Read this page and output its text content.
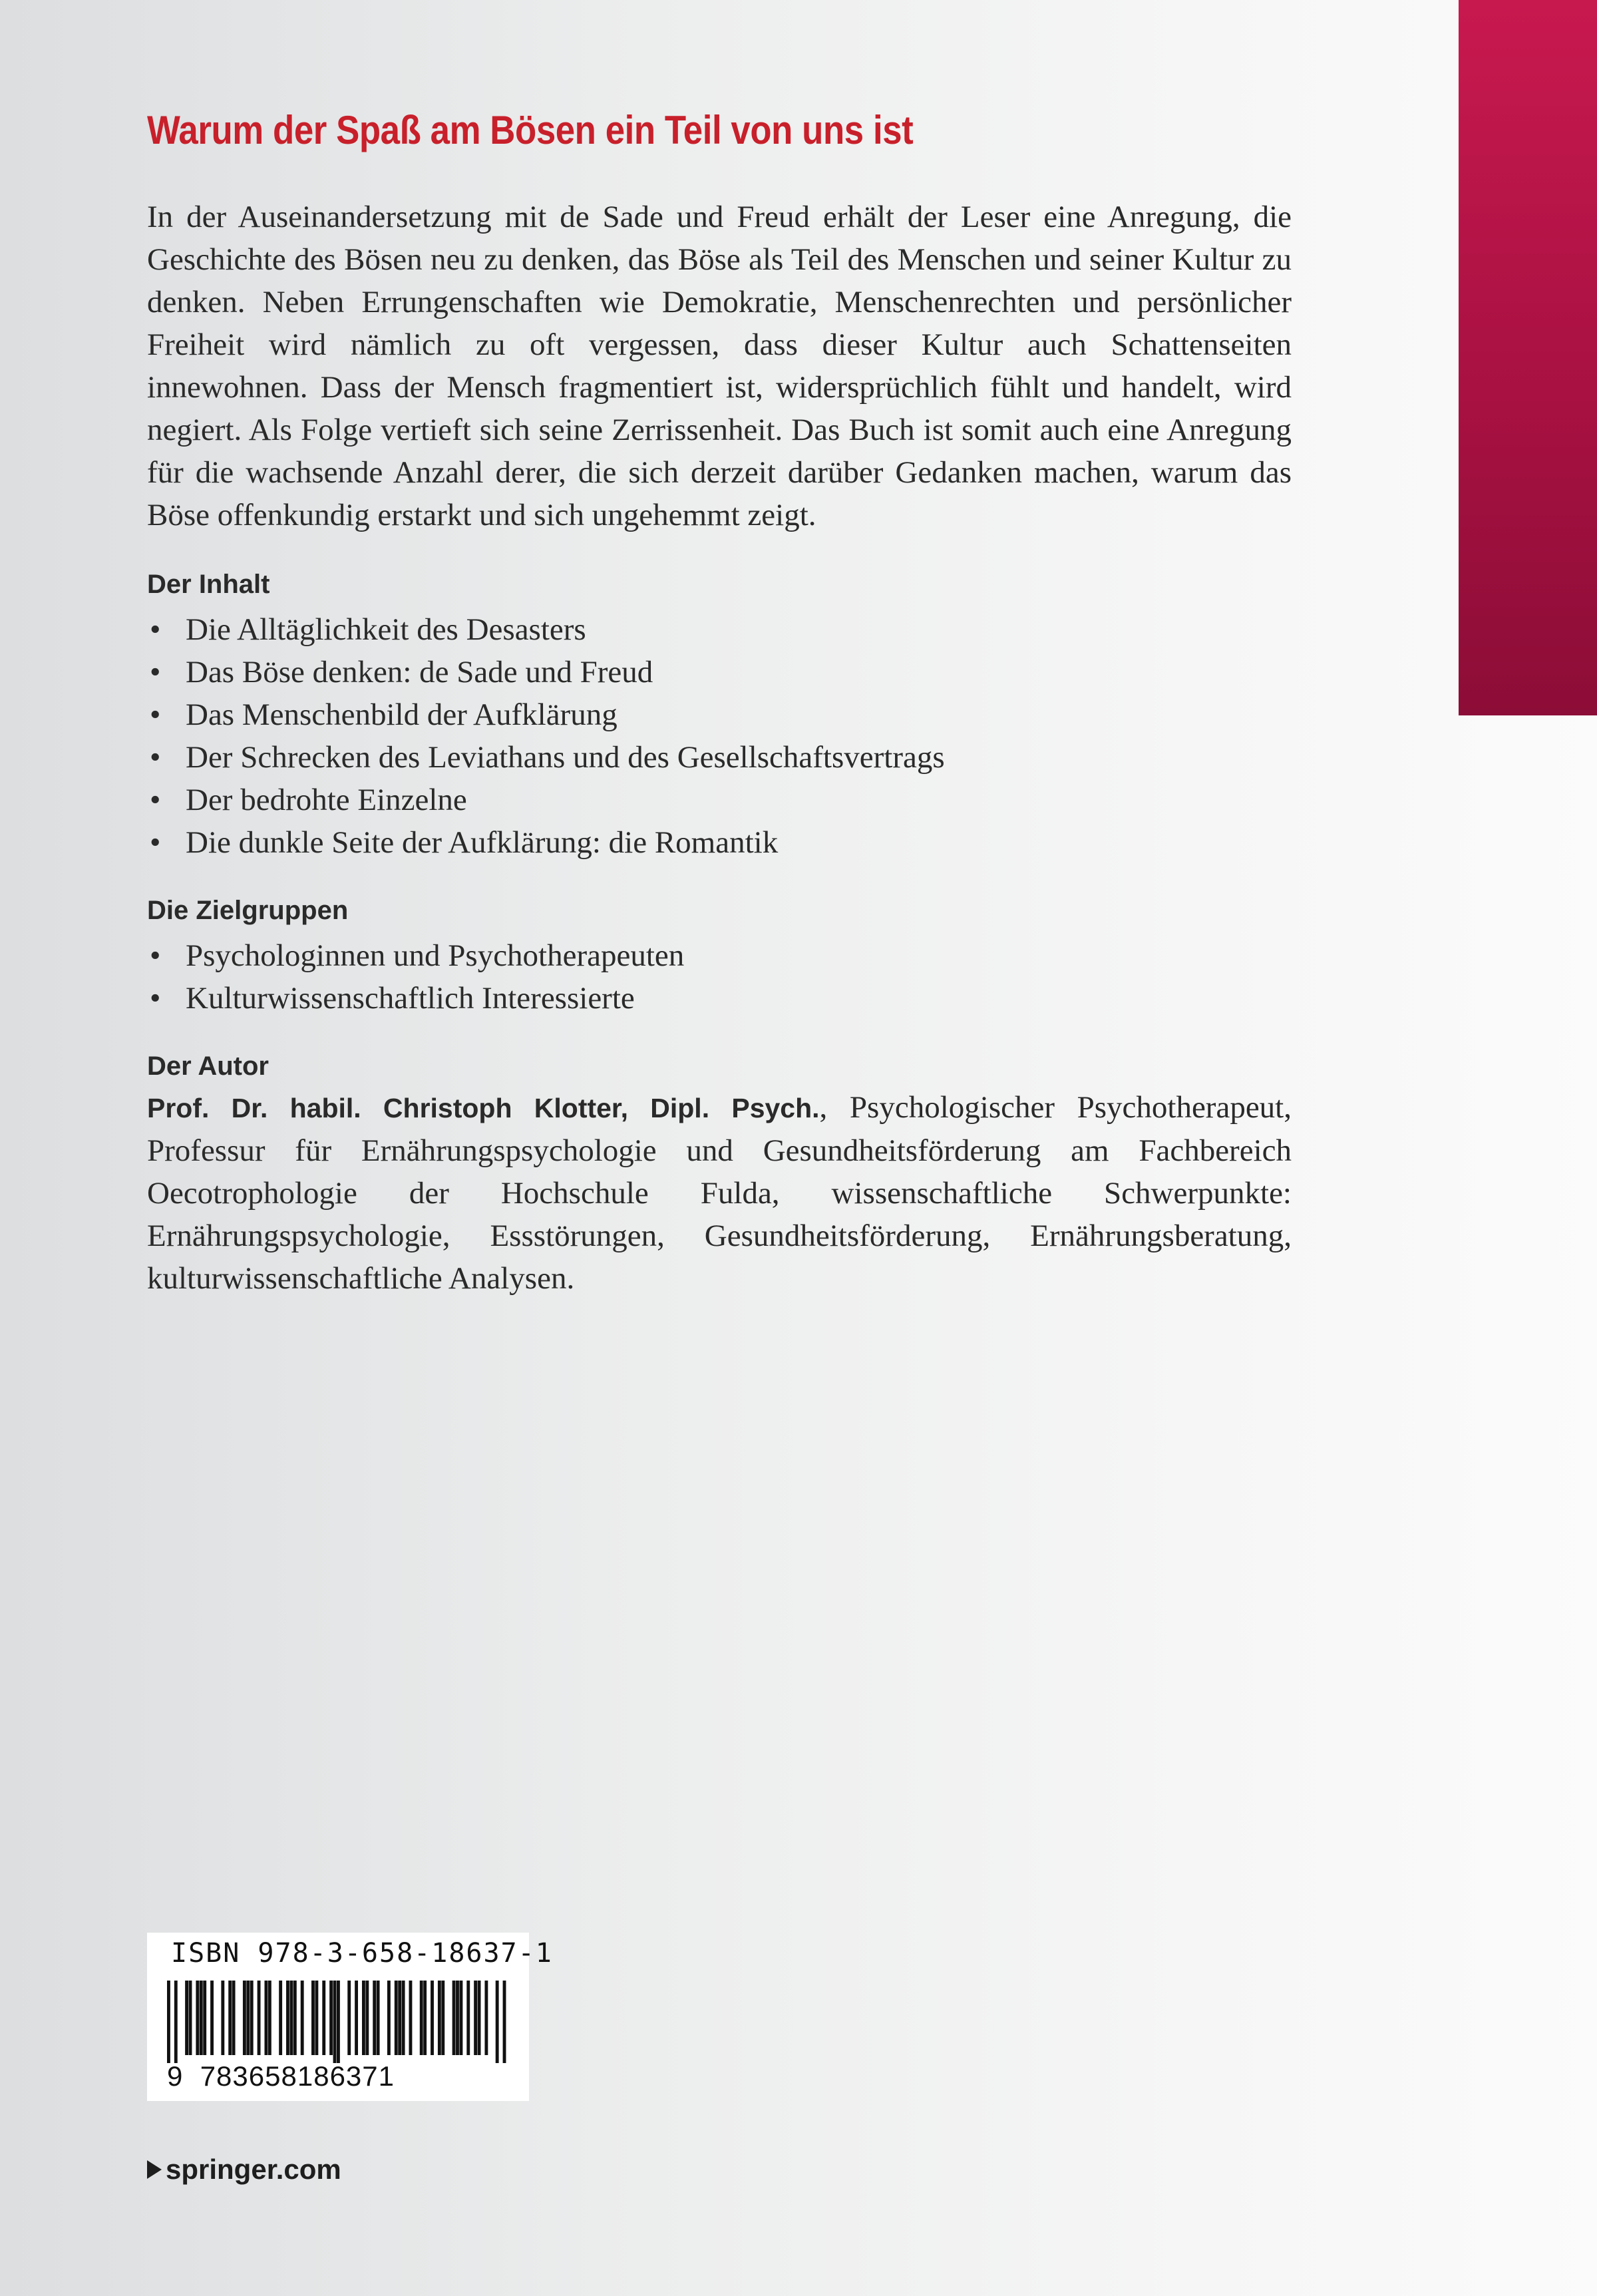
Warum der Spaß am Bösen ein Teil von uns ist

In der Auseinandersetzung mit de Sade und Freud erhält der Leser eine Anregung, die Geschichte des Bösen neu zu denken, das Böse als Teil des Menschen und seiner Kultur zu denken. Neben Errungenschaften wie Demokratie, Menschenrechten und persönlicher Freiheit wird nämlich zu oft vergessen, dass dieser Kultur auch Schattenseiten innewohnen. Dass der Mensch fragmentiert ist, widersprüchlich fühlt und handelt, wird negiert. Als Folge vertieft sich seine Zerrissenheit. Das Buch ist somit auch eine Anregung für die wachsende Anzahl derer, die sich derzeit darüber Gedanken machen, warum das Böse offenkundig erstarkt und sich ungehemmt zeigt.

Der Inhalt
• Die Alltäglichkeit des Desasters
• Das Böse denken: de Sade und Freud
• Das Menschenbild der Aufklärung
• Der Schrecken des Leviathans und des Gesellschaftsvertrags
• Der bedrohte Einzelne
• Die dunkle Seite der Aufklärung: die Romantik
Die Zielgruppen
• Psychologinnen und Psychotherapeuten
• Kulturwissenschaftlich Interessierte
Der Autor

Prof. Dr. habil. Christoph Klotter, Dipl. Psych., Psychologischer Psychotherapeut, Professur für Ernährungspsychologie und Gesundheitsförderung am Fachbereich Oecotrophologie der Hochschule Fulda, wissenschaftliche Schwerpunkte: Ernährungspsychologie, Essstörungen, Gesundheitsförderung, Ernährungsberatung, kulturwissenschaftliche Analysen.

ISBN 978-3-658-18637-1
9 783658186371
springer.com
